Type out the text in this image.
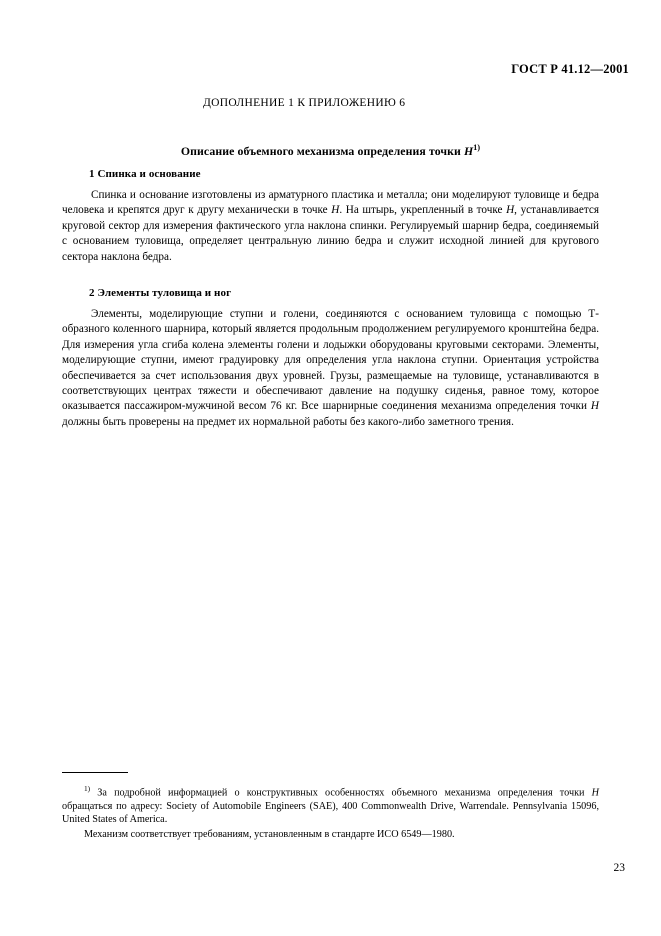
ГОСТ Р 41.12—2001
ДОПОЛНЕНИЕ 1 К ПРИЛОЖЕНИЮ 6
Описание объемного механизма определения точки H$^{1)}$
1 Спинка и основание

Спинка и основание изготовлены из арматурного пластика и металла; они моделируют туловище и бедра человека и крепятся друг к другу механически в точке H. На штырь, укрепленный в точке H, устанавливается круговой сектор для измерения фактического угла наклона спинки. Регулируемый шарнир бедра, соединяемый с основанием туловища, определяет центральную линию бедра и служит исходной линией для кругового сектора наклона бедра.

2 Элементы туловища и ног

Элементы, моделирующие ступни и голени, соединяются с основанием туловища с помощью Т-образного коленного шарнира, который является продольным продолжением регулируемого кронштейна бедра. Для измерения угла сгиба колена элементы голени и лодыжки оборудованы круговыми секторами. Элементы, моделирующие ступни, имеют градуировку для определения угла наклона ступни. Ориентация устройства обеспечивается за счет использования двух уровней. Грузы, размещаемые на туловище, устанавливаются в соответствующих центрах тяжести и обеспечивают давление на подушку сиденья, равное тому, которое оказывается пассажиром-мужчиной весом 76 кг. Все шарнирные соединения механизма определения точки H должны быть проверены на предмет их нормальной работы без какого-либо заметного трения.

$^{1)}$ За подробной информацией о конструктивных особенностях объемного механизма определения точки H обращаться по адресу: Society of Automobile Engineers (SAE), 400 Commonwealth Drive, Warrendale. Pennsylvania 15096, United States of America.

Механизм соответствует требованиям, установленным в стандарте ИСО 6549—1980.

23
